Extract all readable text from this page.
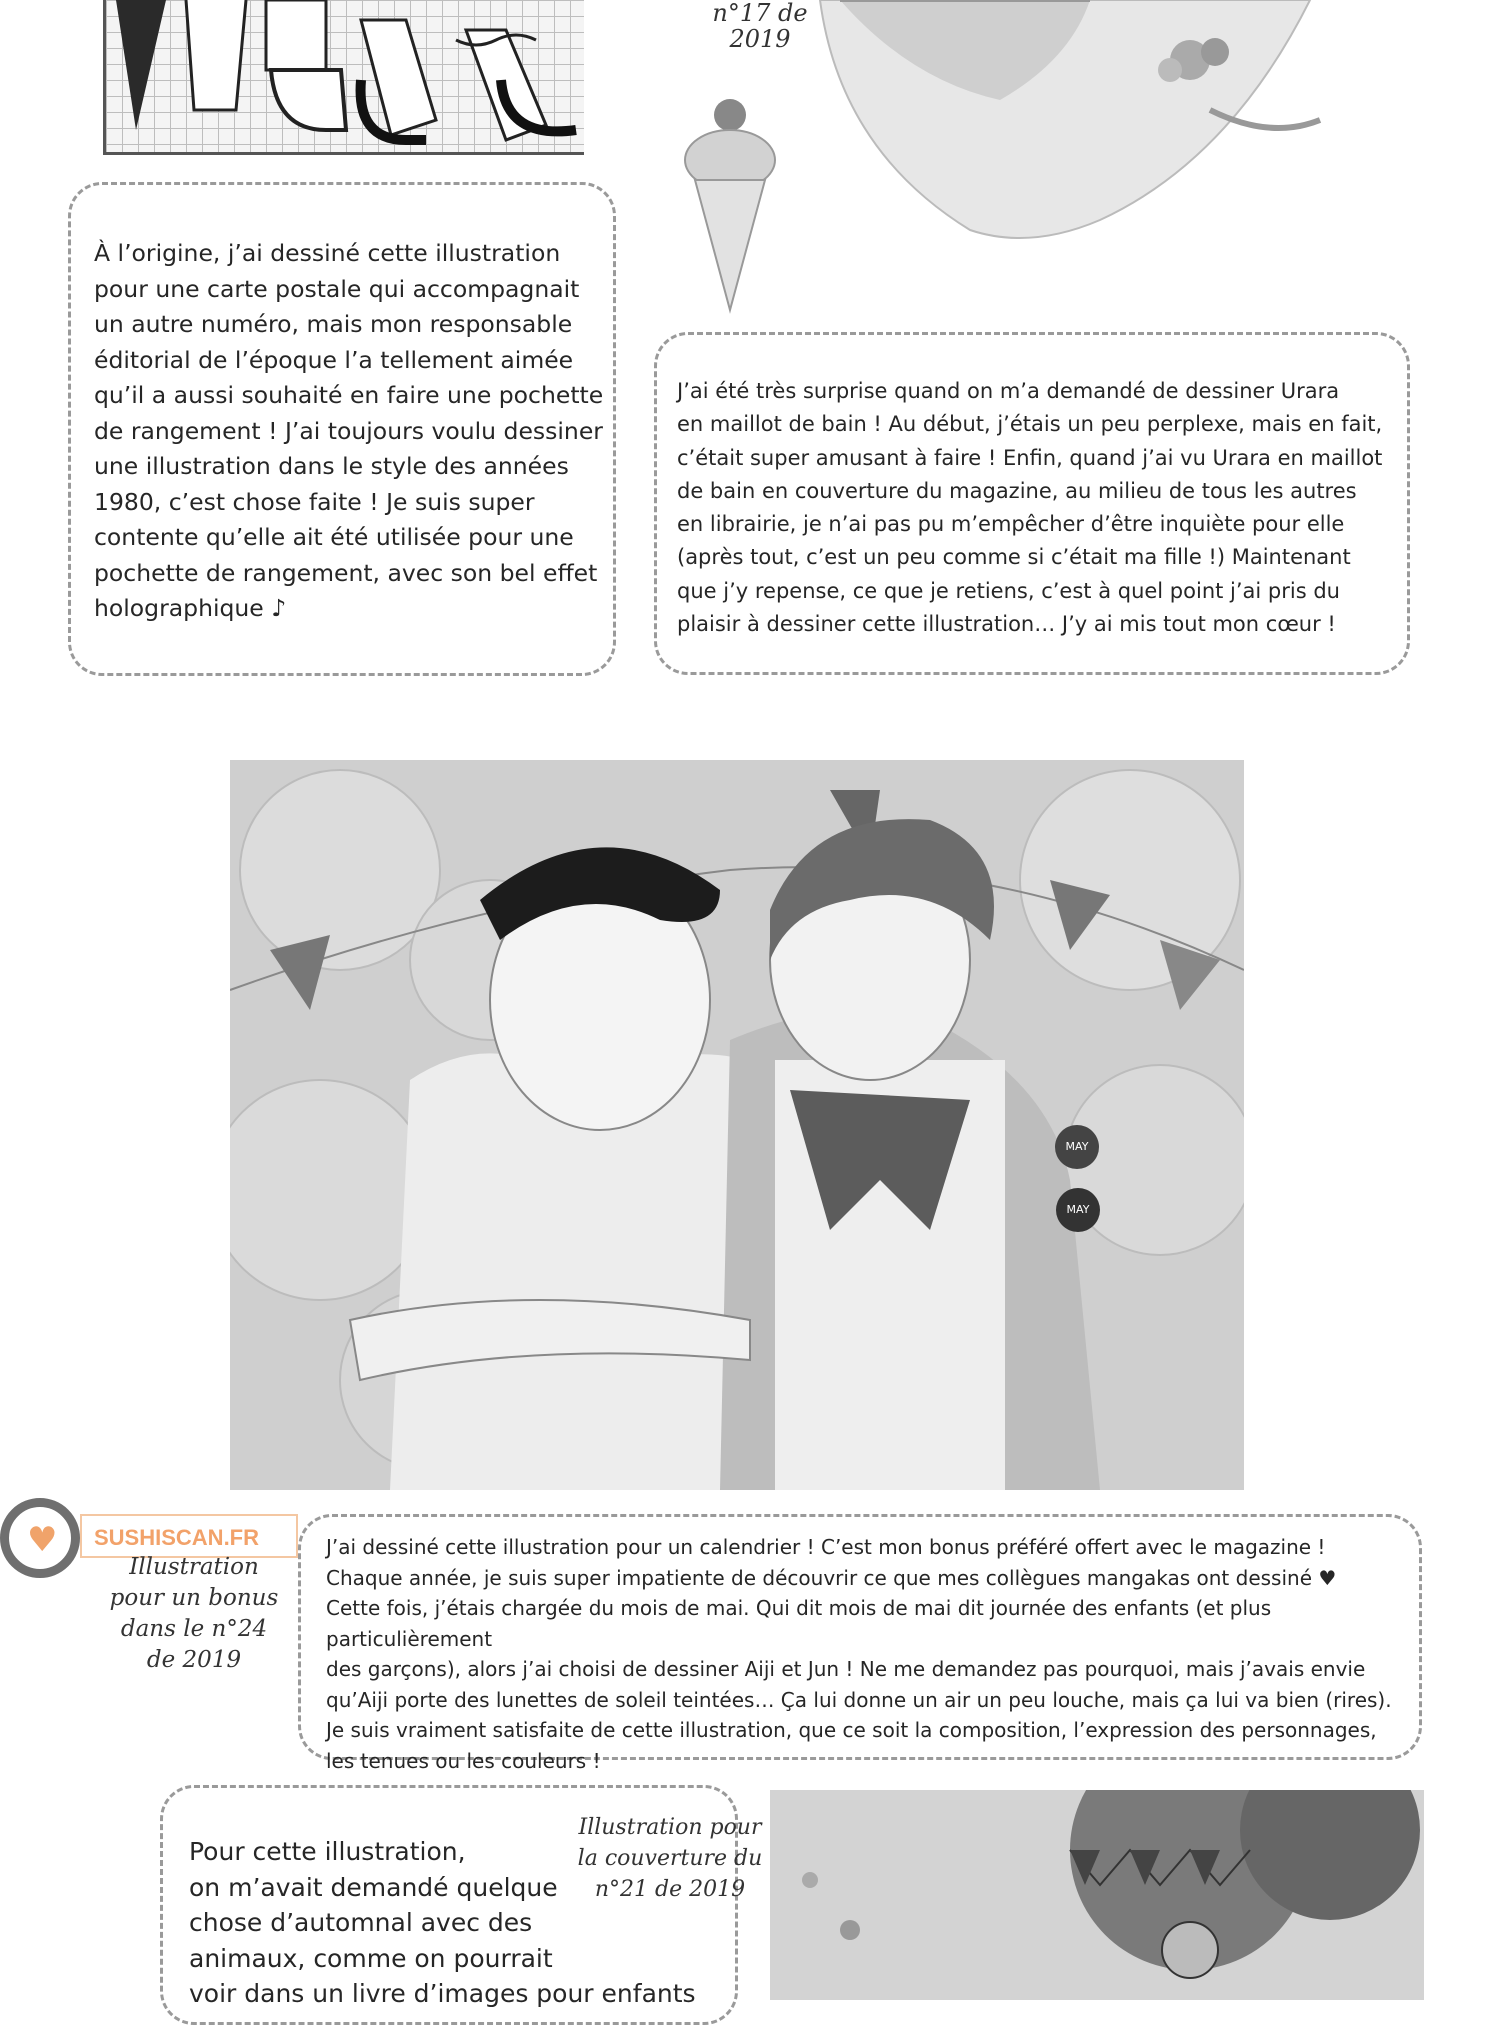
n°17 de 2019
À l’origine, j’ai dessiné cette illustration
pour une carte postale qui accompagnait
un autre numéro, mais mon responsable
éditorial de l’époque l’a tellement aimée
qu’il a aussi souhaité en faire une pochette
de rangement ! J’ai toujours voulu dessiner
une illustration dans le style des années
1980, c’est chose faite ! Je suis super
contente qu’elle ait été utilisée pour une
pochette de rangement, avec son bel effet
holographique ♪
J’ai été très surprise quand on m’a demandé de dessiner Urara
en maillot de bain ! Au début, j’étais un peu perplexe, mais en fait,
c’était super amusant à faire ! Enfin, quand j’ai vu Urara en maillot
de bain en couverture du magazine, au milieu de tous les autres
en librairie, je n’ai pas pu m’empêcher d’être inquiète pour elle
(après tout, c’est un peu comme si c’était ma fille !) Maintenant
que j’y repense, ce que je retiens, c’est à quel point j’ai pris du
plaisir à dessiner cette illustration… J’y ai mis tout mon cœur !
MAY
MAY
♥	SUSHISCAN.FR
Illustration
pour un bonus
dans le n°24
de 2019
J’ai dessiné cette illustration pour un calendrier ! C’est mon bonus préféré offert avec le magazine !
Chaque année, je suis super impatiente de découvrir ce que mes collègues mangakas ont dessiné ♥
Cette fois, j’étais chargée du mois de mai. Qui dit mois de mai dit journée des enfants (et plus particulièrement
des garçons), alors j’ai choisi de dessiner Aiji et Jun ! Ne me demandez pas pourquoi, mais j’avais envie
qu’Aiji porte des lunettes de soleil teintées… Ça lui donne un air un peu louche, mais ça lui va bien (rires).
Je suis vraiment satisfaite de cette illustration, que ce soit la composition, l’expression des personnages,
les tenues ou les couleurs !
Pour cette illustration,
on m’avait demandé quelque
chose d’automnal avec des
animaux, comme on pourrait
voir dans un livre d’images pour enfants
Illustration pour
la couverture du
n°21 de 2019
